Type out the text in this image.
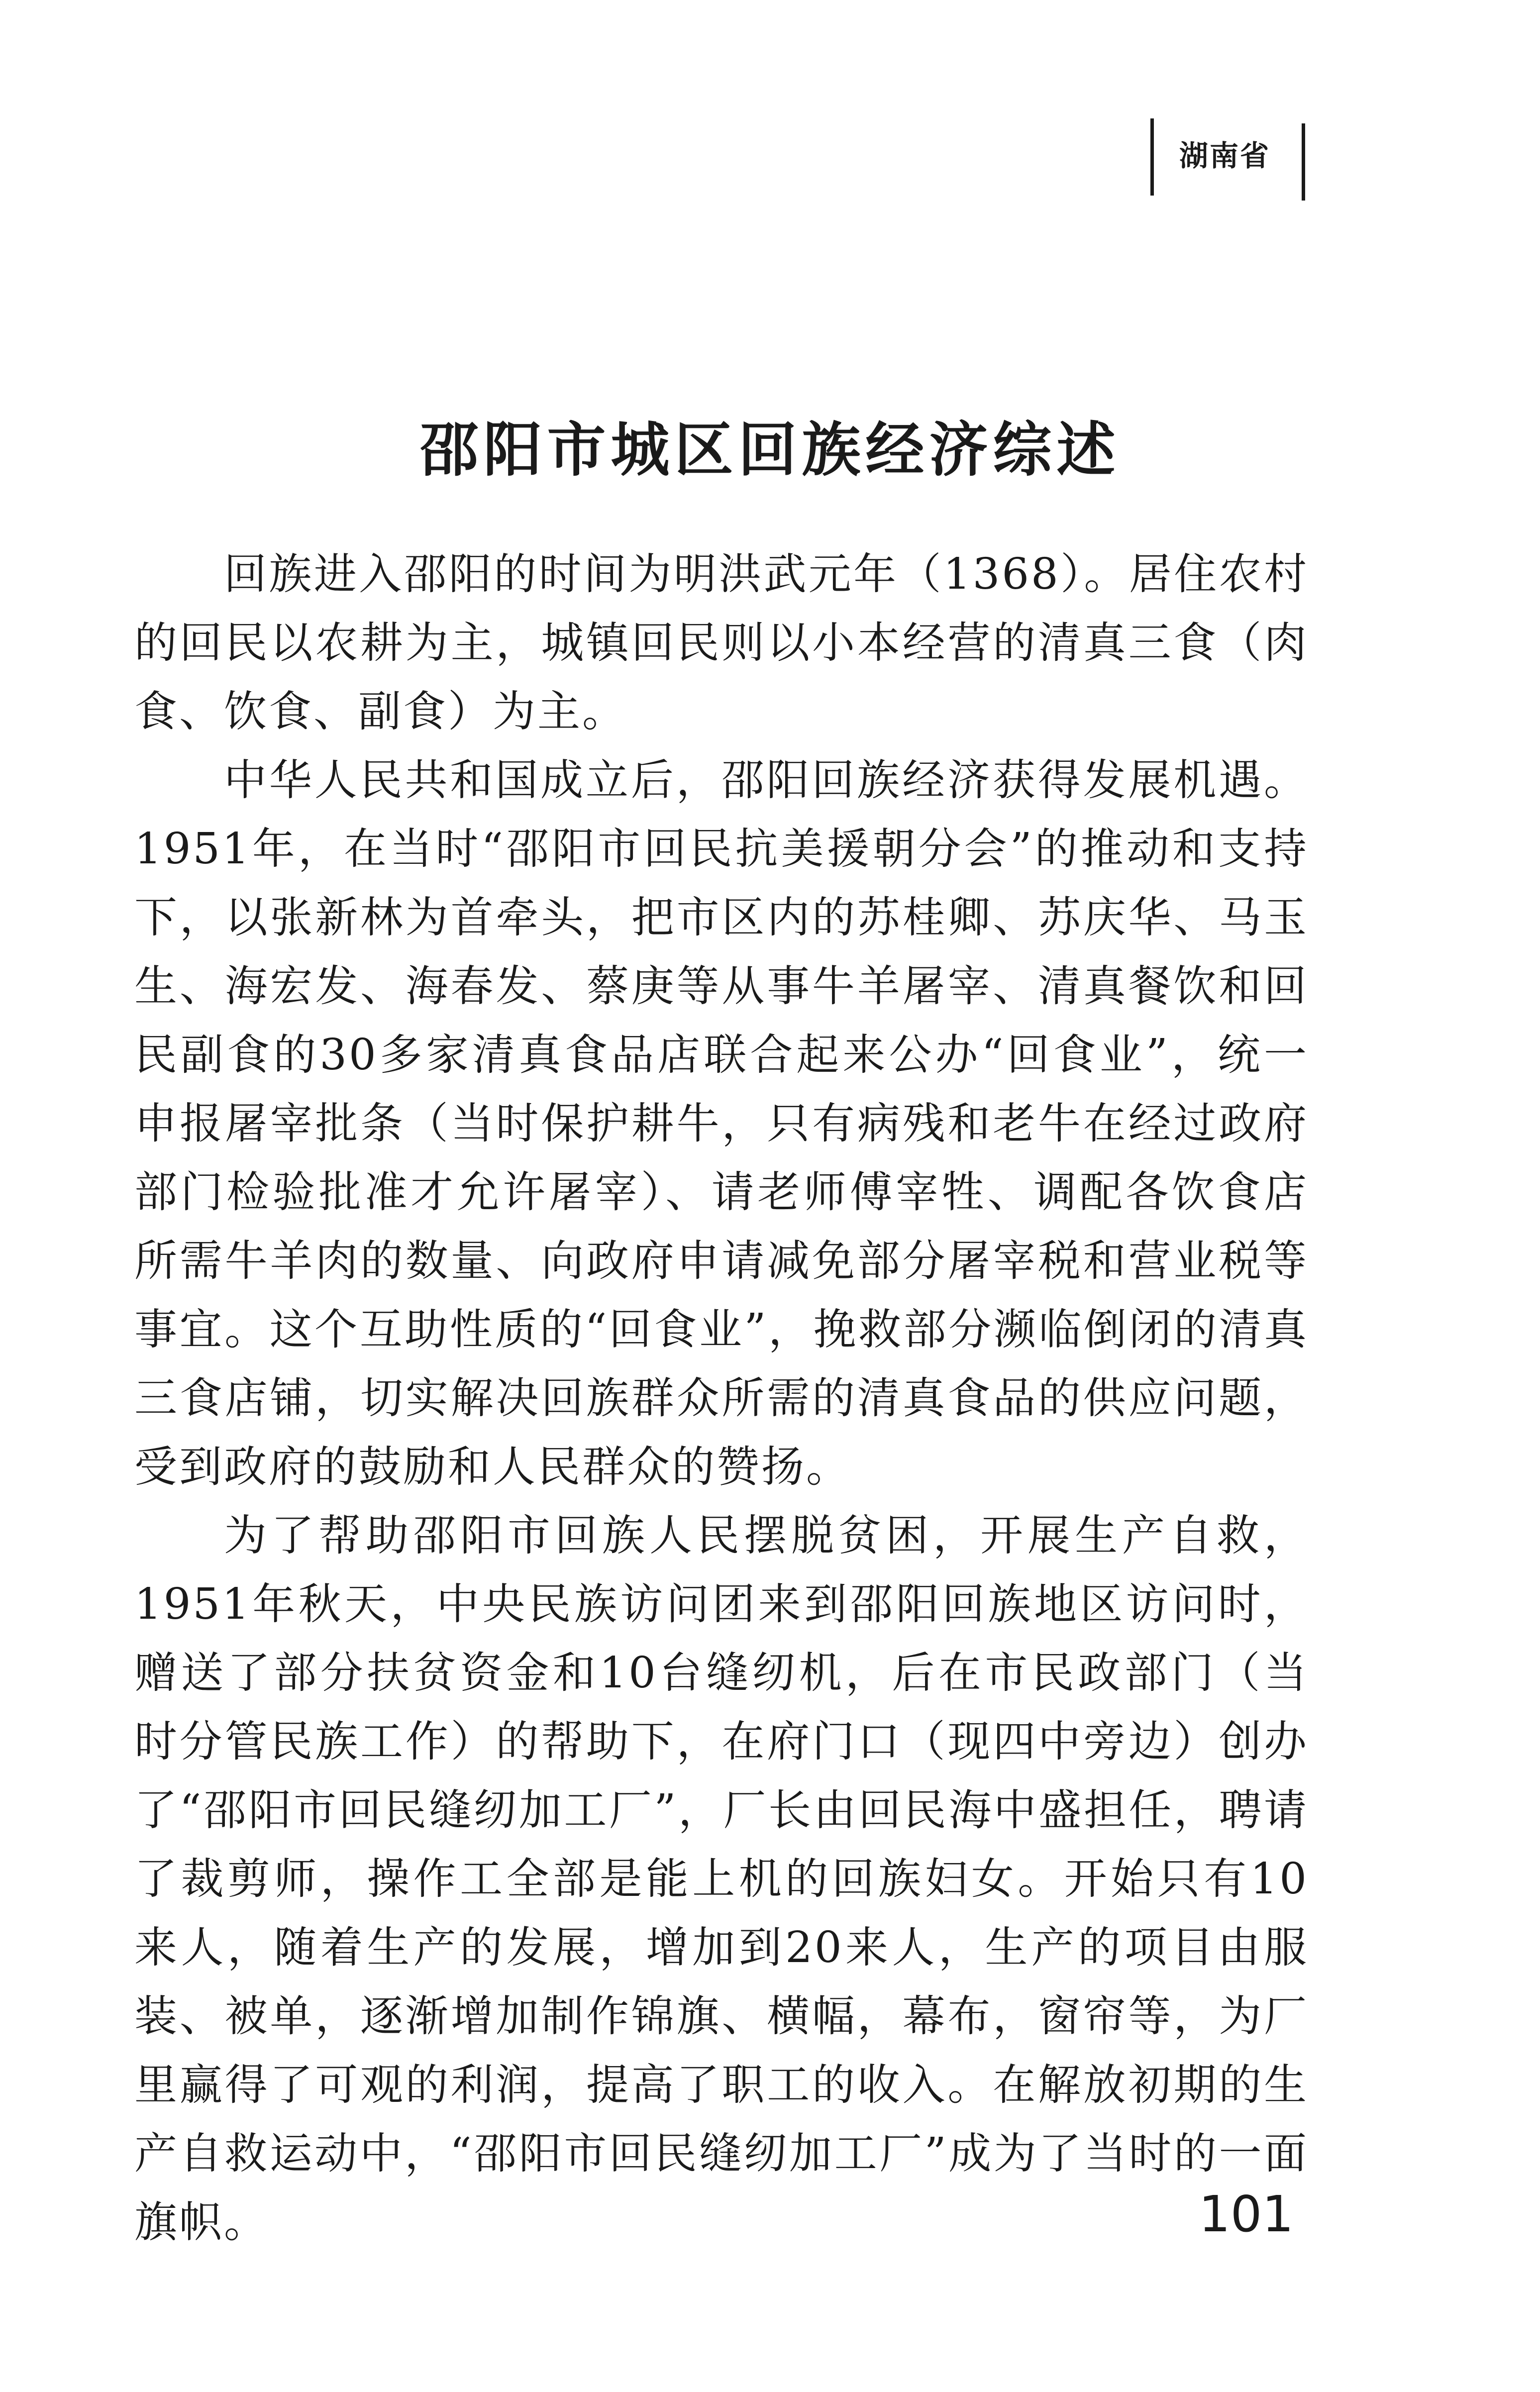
湖南省
邵阳市城区回族经济综述

回族进入邵阳的时间为明洪武元年（1368）。居住农村的回民以农耕为主，城镇回民则以小本经营的清真三食（肉食、饮食、副食）为主。

中华人民共和国成立后，邵阳回族经济获得发展机遇。1951年，在当时“邵阳市回民抗美援朝分会”的推动和支持下，以张新林为首牵头，把市区内的苏桂卿、苏庆华、马玉生、海宏发、海春发、蔡庚等从事牛羊屠宰、清真餐饮和回民副食的30多家清真食品店联合起来公办“回食业”，统一申报屠宰批条（当时保护耕牛，只有病残和老牛在经过政府部门检验批准才允许屠宰）、请老师傅宰牲、调配各饮食店所需牛羊肉的数量、向政府申请减免部分屠宰税和营业税等事宜。这个互助性质的“回食业”，挽救部分濒临倒闭的清真三食店铺，切实解决回族群众所需的清真食品的供应问题，受到政府的鼓励和人民群众的赞扬。

为了帮助邵阳市回族人民摆脱贫困，开展生产自救，1951年秋天，中央民族访问团来到邵阳回族地区访问时，赠送了部分扶贫资金和10台缝纫机，后在市民政部门（当时分管民族工作）的帮助下，在府门口（现四中旁边）创办了“邵阳市回民缝纫加工厂”，厂长由回民海中盛担任，聘请了裁剪师，操作工全部是能上机的回族妇女。开始只有10来人，随着生产的发展，增加到20来人，生产的项目由服装、被单，逐渐增加制作锦旗、横幅，幕布，窗帘等，为厂里赢得了可观的利润，提高了职工的收入。在解放初期的生产自救运动中，“邵阳市回民缝纫加工厂”成为了当时的一面旗帜。	101
